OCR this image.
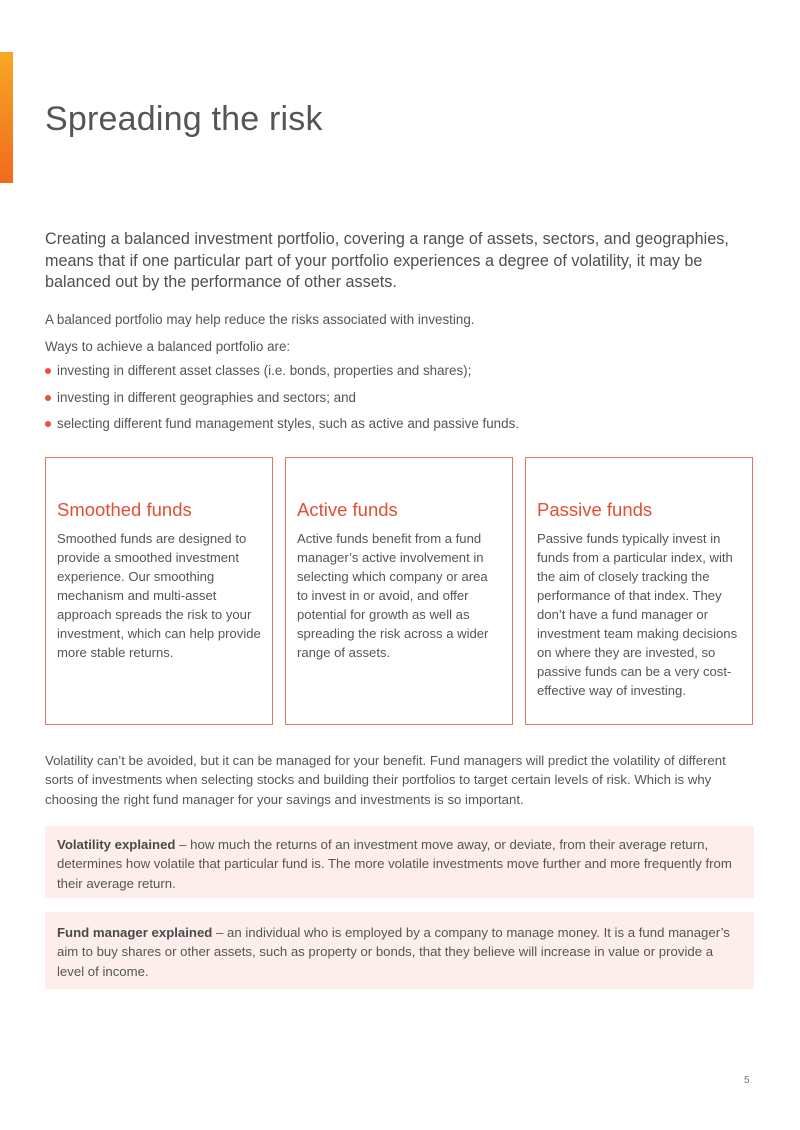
Spreading the risk

Creating a balanced investment portfolio, covering a range of assets, sectors, and geographies, means that if one particular part of your portfolio experiences a degree of volatility, it may be balanced out by the performance of other assets.

A balanced portfolio may help reduce the risks associated with investing.

Ways to achieve a balanced portfolio are:

investing in different asset classes (i.e. bonds, properties and shares);
investing in different geographies and sectors; and
selecting different fund management styles, such as active and passive funds.
Smoothed funds

Smoothed funds are designed to provide a smoothed investment experience. Our smoothing mechanism and multi-asset approach spreads the risk to your investment, which can help provide more stable returns.

Active funds

Active funds benefit from a fund manager’s active involvement in selecting which company or area to invest in or avoid, and offer potential for growth as well as spreading the risk across a wider range of assets.

Passive funds

Passive funds typically invest in funds from a particular index, with the aim of closely tracking the performance of that index. They don’t have a fund manager or investment team making decisions on where they are invested, so passive funds can be a very cost-effective way of investing.

Volatility can’t be avoided, but it can be managed for your benefit. Fund managers will predict the volatility of different sorts of investments when selecting stocks and building their portfolios to target certain levels of risk. Which is why choosing the right fund manager for your savings and investments is so important.

Volatility explained – how much the returns of an investment move away, or deviate, from their average return, determines how volatile that particular fund is. The more volatile investments move further and more frequently from their average return.
Fund manager explained – an individual who is employed by a company to manage money. It is a fund manager’s aim to buy shares or other assets, such as property or bonds, that they believe will increase in value or provide a level of income.
5
